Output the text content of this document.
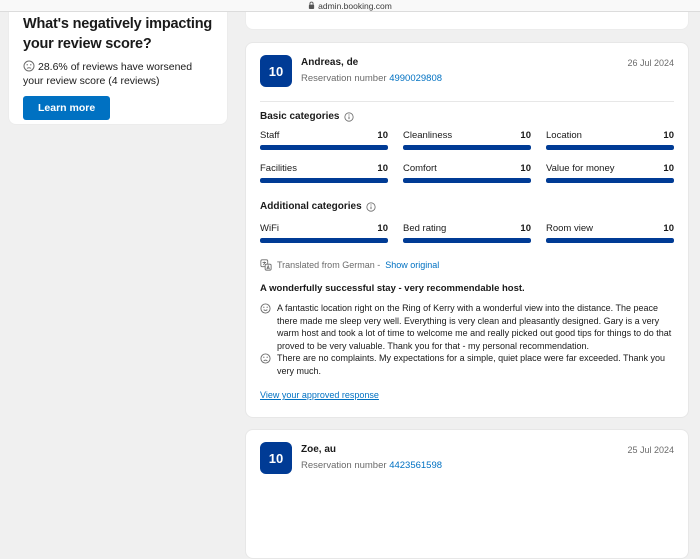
admin.booking.com
What's negatively impacting your review score?

28.6% of reviews have worsened your review score (4 reviews)

Learn more
10
Andreas, de
Reservation number 4990029808
26 Jul 2024
Basic categories
Staff	10 Cleanliness	10 Location	10
Facilities	10 Comfort	10 Value for money	10
Additional categories
WiFi	10 Bed rating	10 Room view	10
Translated from German - Show original
A wonderfully successful stay - very recommendable host.
A fantastic location right on the Ring of Kerry with a wonderful view into the distance. The peace there made me sleep very well. Everything is very clean and pleasantly designed. Gary is a very warm host and took a lot of time to welcome me and really picked out good tips for things to do that proved to be very valuable. Thank you for that - my personal recommendation.
There are no complaints. My expectations for a simple, quiet place were far exceeded. Thank you very much.
View your approved response
10
Zoe, au
Reservation number 4423561598
25 Jul 2024
